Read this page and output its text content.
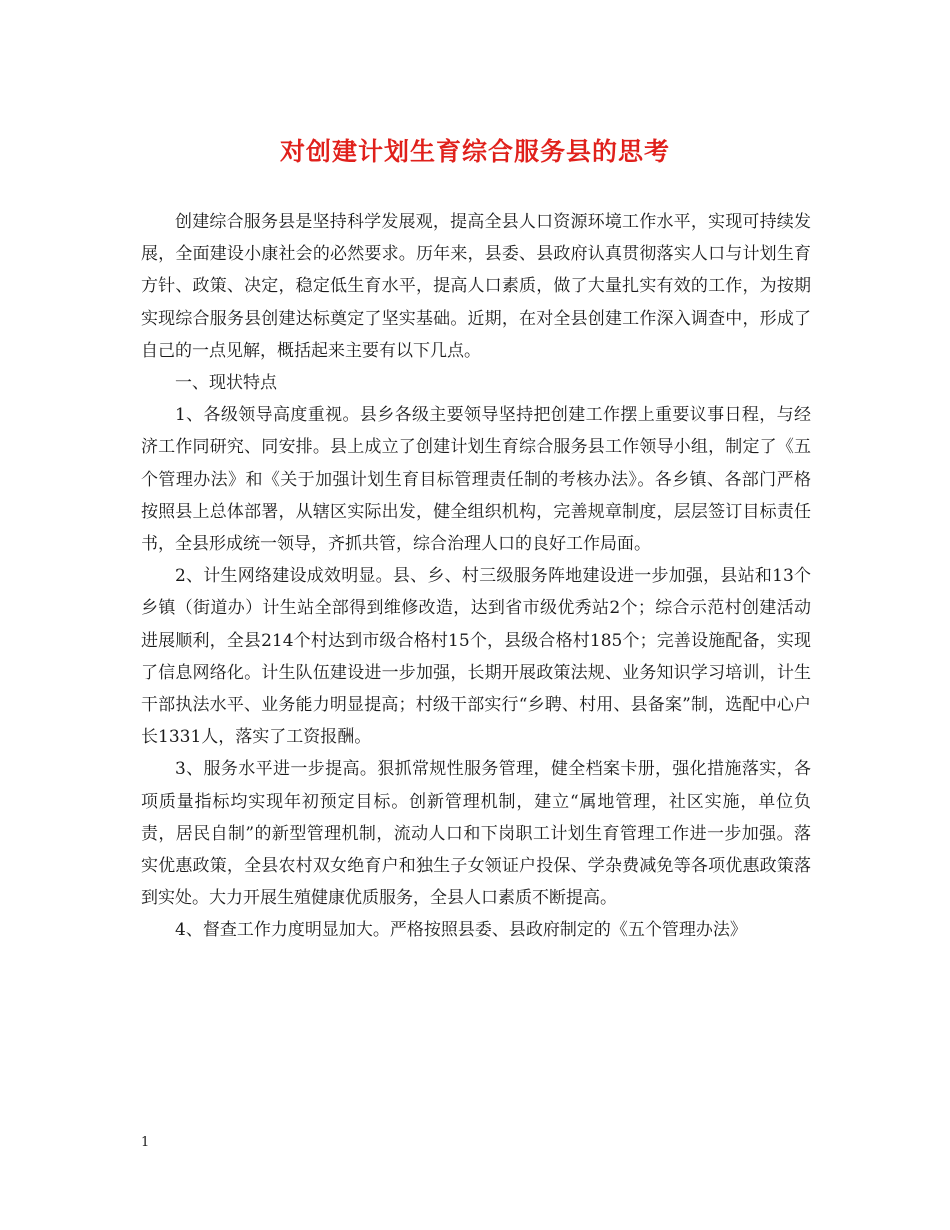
对创建计划生育综合服务县的思考

创建综合服务县是坚持科学发展观，提高全县人口资源环境工作水平，实现可持续发展，全面建设小康社会的必然要求。历年来，县委、县政府认真贯彻落实人口与计划生育方针、政策、决定，稳定低生育水平，提高人口素质，做了大量扎实有效的工作，为按期实现综合服务县创建达标奠定了坚实基础。近期，在对全县创建工作深入调查中，形成了自己的一点见解，概括起来主要有以下几点。

一、现状特点

1、各级领导高度重视。县乡各级主要领导坚持把创建工作摆上重要议事日程，与经济工作同研究、同安排。县上成立了创建计划生育综合服务县工作领导小组，制定了《五个管理办法》和《关于加强计划生育目标管理责任制的考核办法》。各乡镇、各部门严格按照县上总体部署，从辖区实际出发，健全组织机构，完善规章制度，层层签订目标责任书，全县形成统一领导，齐抓共管，综合治理人口的良好工作局面。

2、计生网络建设成效明显。县、乡、村三级服务阵地建设进一步加强，县站和13个乡镇（街道办）计生站全部得到维修改造，达到省市级优秀站2个；综合示范村创建活动进展顺利，全县214个村达到市级合格村15个，县级合格村185个；完善设施配备，实现了信息网络化。计生队伍建设进一步加强，长期开展政策法规、业务知识学习培训，计生干部执法水平、业务能力明显提高；村级干部实行“乡聘、村用、县备案”制，选配中心户长1331人，落实了工资报酬。

3、服务水平进一步提高。狠抓常规性服务管理，健全档案卡册，强化措施落实，各项质量指标均实现年初预定目标。创新管理机制，建立“属地管理，社区实施，单位负责，居民自制”的新型管理机制，流动人口和下岗职工计划生育管理工作进一步加强。落实优惠政策，全县农村双女绝育户和独生子女领证户投保、学杂费减免等各项优惠政策落到实处。大力开展生殖健康优质服务，全县人口素质不断提高。

4、督查工作力度明显加大。严格按照县委、县政府制定的《五个管理办法》

1
